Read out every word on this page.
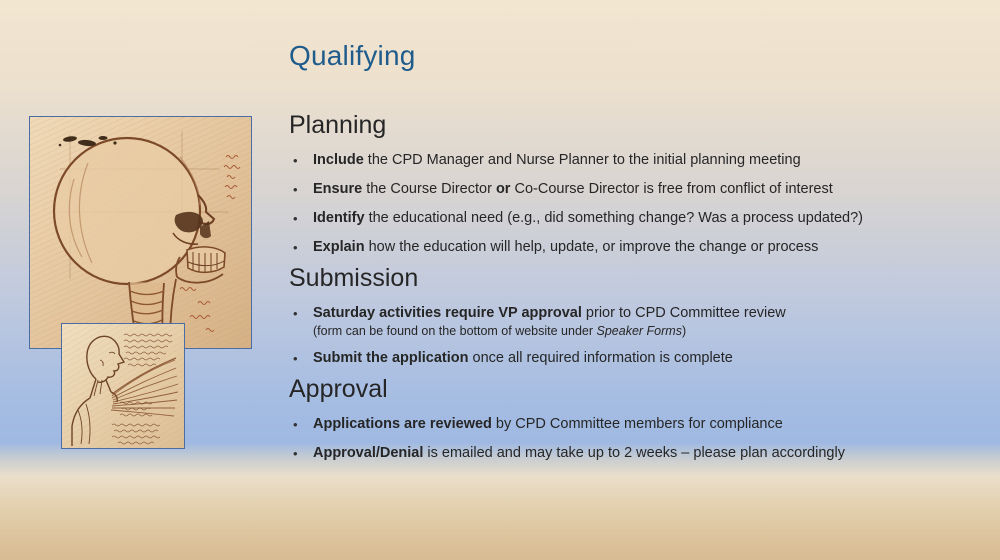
Qualifying
Planning
•	Include the CPD Manager and Nurse Planner to the initial planning meeting
•	Ensure the Course Director or Co-Course Director is free from conflict of interest
•	Identify the educational need (e.g., did something change? Was a process updated?)
•	Explain how the education will help, update, or improve the change or process
Submission
•	Saturday activities require VP approval prior to CPD Committee review
(form can be found on the bottom of website under Speaker Forms)
•	Submit the application once all required information is complete
Approval
•	Applications are reviewed by CPD Committee members for compliance
•	Approval/Denial is emailed and may take up to 2 weeks – please plan accordingly
